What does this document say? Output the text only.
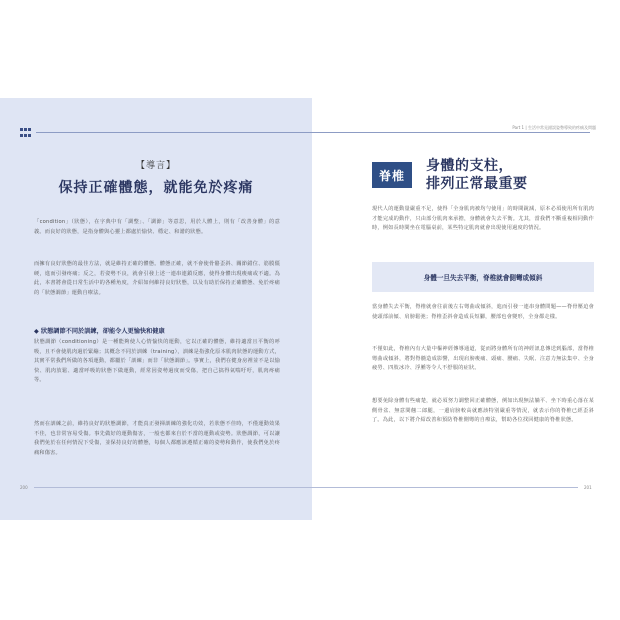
【導言】
保持正確體態，就能免於疼痛
「condition」（狀態），在字典中有「調整」、「調節」等意思，用於人體上，則有「改善身體」的意義。而良好的狀態，是指身體與心靈上都處於愉快、穩定、和諧的狀態。
而擁有良好狀態的最佳方法，就是維持正確的體態。體態正確，就不會使骨骼歪斜、關節錯位、筋膜僵硬，進而引發疼痛；反之，若姿勢不良，就會引發上述一連串連鎖反應，使得身體出現痠痛或不適。為此，本書將會從日常生活中的各種角度，介紹如何維持良好狀態，以及有助於保持正確體態、免於疼痛的「狀態調節」運動自療法。
◆ 狀態調節不同於訓練，卻能令人更愉快和健康
狀態調節（conditioning）是一種能夠使人心情愉快的運動，它以正確的體態，維持適當且平衡的呼吸，且不會使肌肉過於緊繃；其概念不同於訓練（training），訓練是指強化原本肌肉狀態的運動方式，其實平常我們所做的各項運動，都屬於「訓練」而非「狀態調節」。事實上，我們在健身房裡並不是以愉快、肌肉放鬆、適當呼吸的狀態下做運動，經常因姿勢過度而受傷，把自己搞得氣喘吁吁，肌肉疼痛等。
然而在訓練之前，維持良好的狀態調節，才能真正發揮訓練的強化功效，若狀態不佳時，不僅運動效果不佳，也非常容易受傷。事先做好的運動傷害，一般也都來自於不當的運動或姿勢。狀態調節，可以讓我們免於在任何情況下受傷，並保持良好的體態，每個人都應該遵循正確的姿勢和動作，使我們免於疼痛和傷害。
200
Part 1 | 生活中常見錯誤姿勢導致的疼痛及問題
201
脊椎
身體的支柱，
排列正常最重要
現代人的運動量嚴重不足，使得「全身肌肉被均勻使用」的時間銳減，原本必須使用所有肌肉才能完成的動作，只由部分肌肉來承擔，身體就會失去平衡。尤其，當我們不斷重複相同動作時，例如長時間坐在電腦桌前，某些特定肌肉就會出現使用過度的情況。
身體一旦失去平衡，脊椎就會側彎或傾斜
當身體失去平衡，脊椎就會往前後左右彎曲或傾斜，進而引發一連串身體問題——脊骨壓迫會使頭部前傾、肩膀鬆弛；脊椎歪斜會造成長短腳，腰部也會變形，全身都走樣。
不僅如此，脊椎內有大量中樞神經傳導通道，從而將身體所有的神經訊息傳送到腦部，當脊椎彎曲或傾斜，將對脊髓造成影響，出現肩膀痠痛、頭痛、腰痛、失眠、注意力無法集中、全身疲勞、四肢冰冷、浮腫等令人不舒服的症狀。
想要免除身體有些痛楚，就必須努力調整回正確體態，例如出現無法躺平、坐下時重心落在某側骨盆、無意間翹二郎腿，一邊肩膀較高就應該特別嚴重等情況，就表示你的脊椎已經歪斜了。為此，以下將介紹改善和預防脊椎側彎的自療法，幫助各位找回健康的脊椎狀態。
